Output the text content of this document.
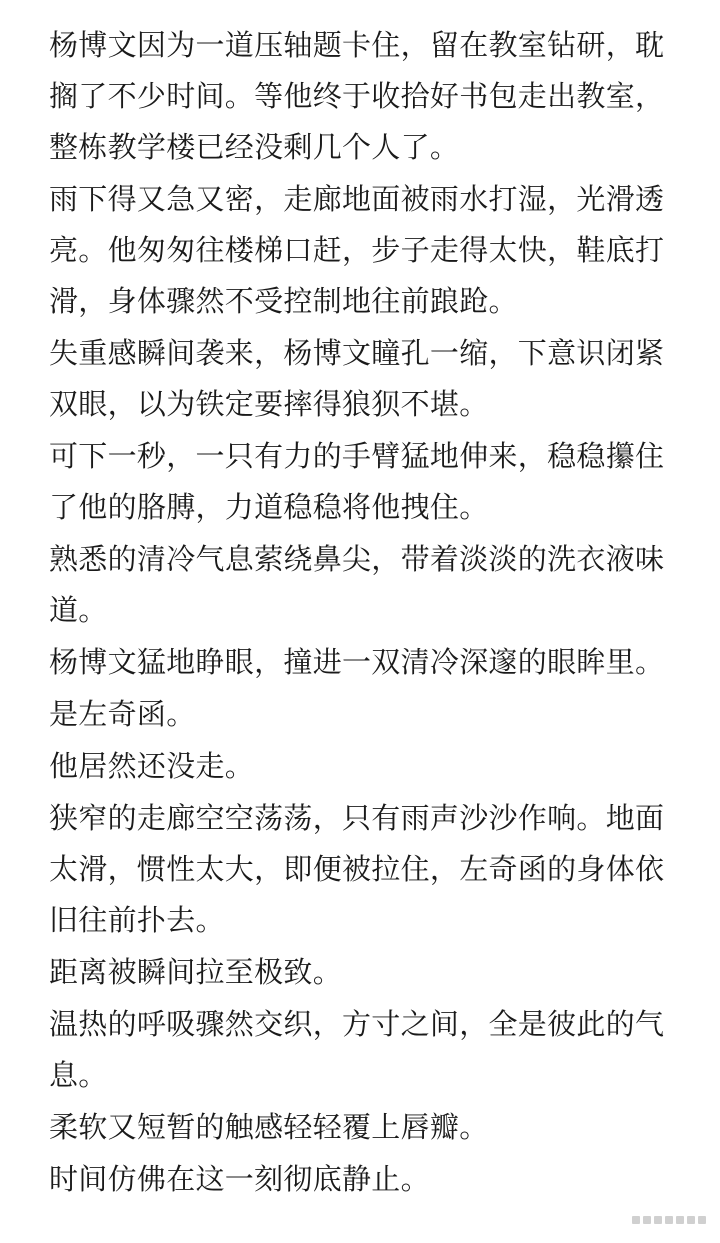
杨博文因为一道压轴题卡住，留在教室钻研，耽搁了不少时间。等他终于收拾好书包走出教室，整栋教学楼已经没剩几个人了。

雨下得又急又密，走廊地面被雨水打湿，光滑透亮。他匆匆往楼梯口赶，步子走得太快，鞋底打滑，身体骤然不受控制地往前踉跄。

失重感瞬间袭来，杨博文瞳孔一缩，下意识闭紧双眼，以为铁定要摔得狼狈不堪。

可下一秒，一只有力的手臂猛地伸来，稳稳攥住了他的胳膊，力道稳稳将他拽住。

熟悉的清冷气息萦绕鼻尖，带着淡淡的洗衣液味道。

杨博文猛地睁眼，撞进一双清冷深邃的眼眸里。

是左奇函。

他居然还没走。

狭窄的走廊空空荡荡，只有雨声沙沙作响。地面太滑，惯性太大，即便被拉住，左奇函的身体依旧往前扑去。

距离被瞬间拉至极致。

温热的呼吸骤然交织，方寸之间，全是彼此的气息。

柔软又短暂的触感轻轻覆上唇瓣。

时间仿佛在这一刻彻底静止。
